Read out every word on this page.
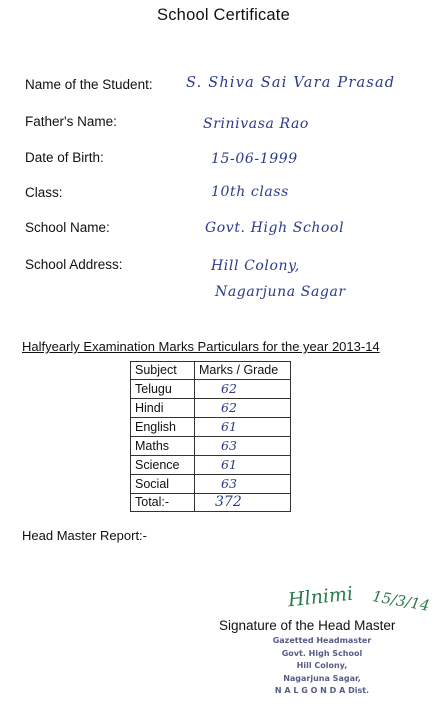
School Certificate
Name of the Student: S. Shiva Sai Vara Prasad
Father's Name:	Srinivasa Rao
Date of Birth:	15-06-1999
Class:	10th class
School Name:	Govt. High School
School Address:	Hill Colony,
Nagarjuna Sagar
Halfyearly Examination Marks Particulars for the year 2013-14
Subject	Marks / Grade
Telugu	62
Hindi	62
English	61
Maths	63
Science	61
Social	63
Total:-	372
Head Master Report:-
Hlnimi 15/3/14
Signature of the Head Master
Gazetted Headmaster
Govt. High School
Hill Colony,
Nagarjuna Sagar,
N A L G O N D A Dist.
